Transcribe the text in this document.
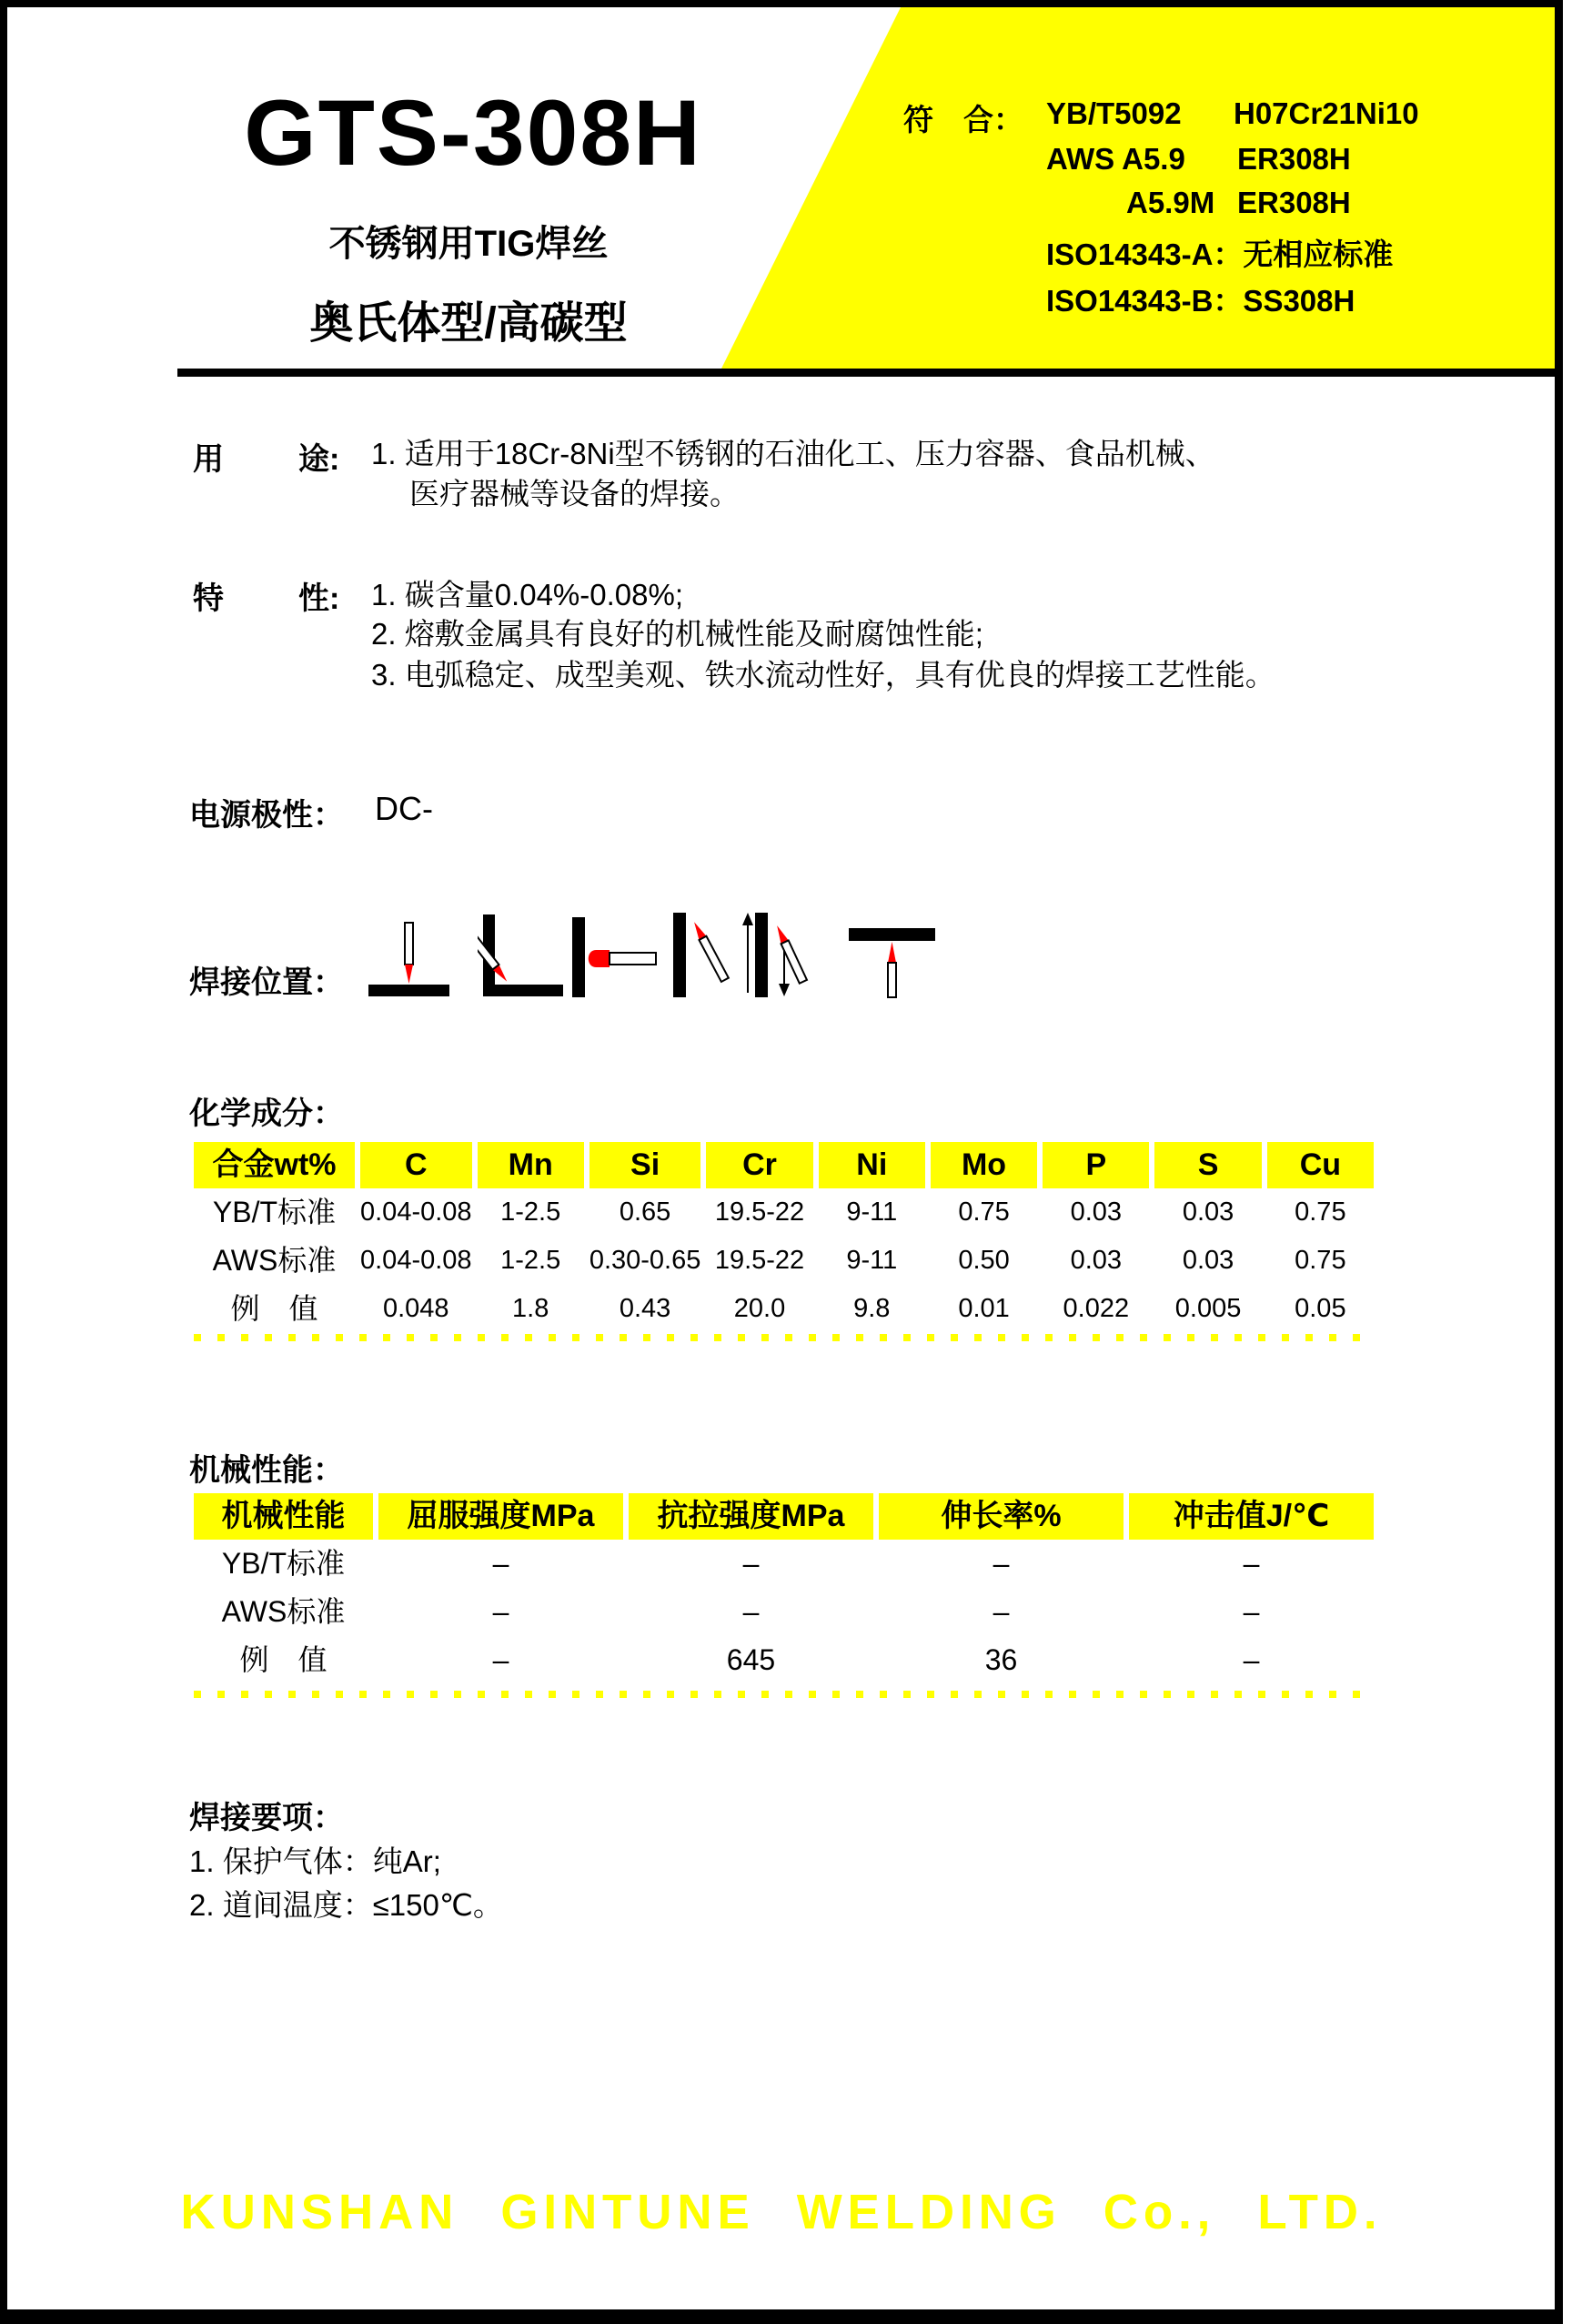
GTS-308H
不锈钢用TIG焊丝
奥氏体型/高碳型
符　合： YB/T5092 H07Cr21Ni10
AWS A5.9 ER308H
A5.9M ER308H
ISO14343-A：无相应标准
ISO14343-B：SS308H
用 途: 1. 适用于18Cr-8Ni型不锈钢的石油化工、压力容器、食品机械、
医疗器械等设备的焊接。
特 性: 1. 碳含量0.04%-0.08%;
2. 熔敷金属具有良好的机械性能及耐腐蚀性能;
3. 电弧稳定、成型美观、铁水流动性好，具有优良的焊接工艺性能。
电源极性： DC-
焊接位置：
化学成分：
合金wt%	C	Mn	Si	Cr	Ni	Mo	P	S	Cu
YB/T标准 0.04-0.08	1-2.5	0.65	19.5-22	9-11	0.75	0.03	0.03	0.75
AWS标准 0.04-0.08	1-2.5	0.30-0.65 19.5-22	9-11	0.50	0.03	0.03	0.75
例　值	0.048	1.8	0.43	20.0	9.8	0.01	0.022	0.005	0.05
机械性能：
机械性能	屈服强度MPa	抗拉强度MPa	伸长率%	冲击值J/℃
YB/T标准	–	–	–	–
AWS标准	–	–	–	–
例　值	–	645	36	–
焊接要项：
1. 保护气体：纯Ar;
2. 道间温度：≤150℃。
KUNSHAN GINTUNE WELDING Co., LTD.
